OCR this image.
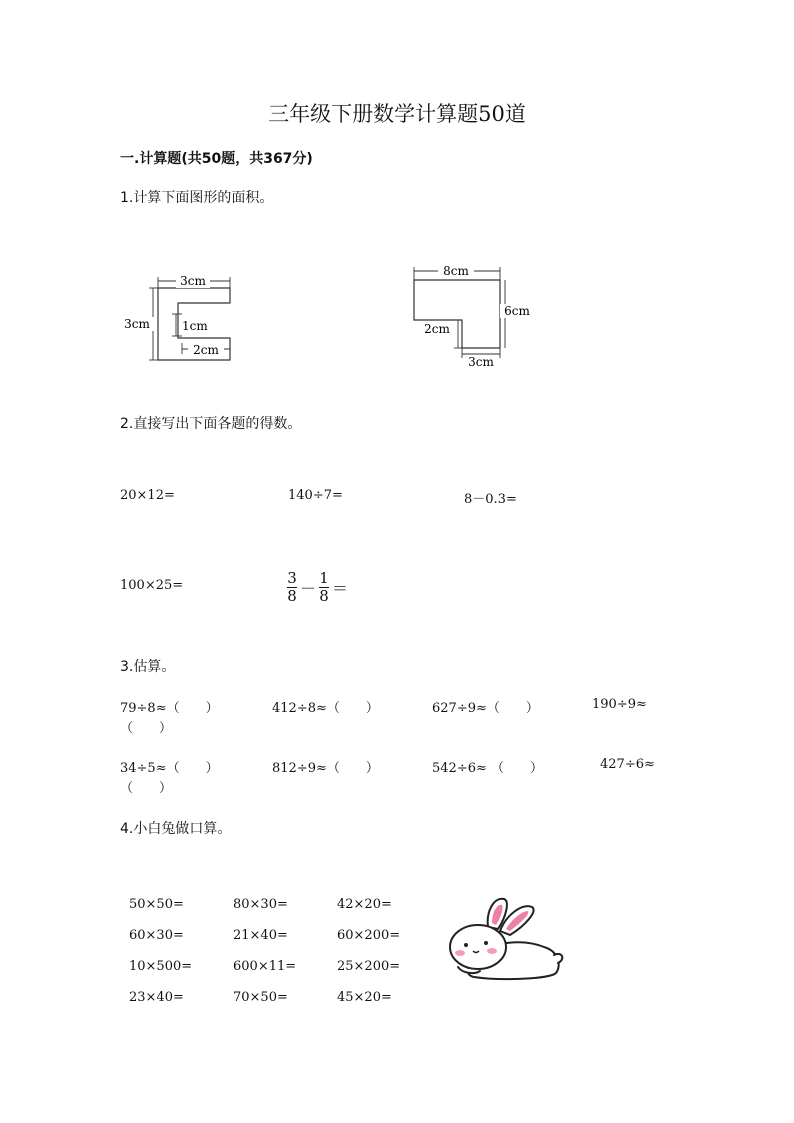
三年级下册数学计算题50道
一.计算题(共50题，共367分)
1.计算下面图形的面积。
3cm
3cm	1cm
2cm
8cm
6cm
2cm
3cm
2.直接写出下面各题的得数。
20×12=	140÷7=	8－0.3=
100×25=	3
8 －
1
8 ＝
3.估算。
79÷8≈（　　）	412÷8≈（　　）	627÷9≈（　　）	190÷9≈
（　　）
34÷5≈（　　）	812÷9≈（　　）	542÷6≈ （　　）	427÷6≈
（　　）
4.小白兔做口算。
50×50=	80×30=	42×20=
60×30=	21×40=	60×200=
10×500=	600×11=	25×200=
23×40=	70×50=	45×20=
